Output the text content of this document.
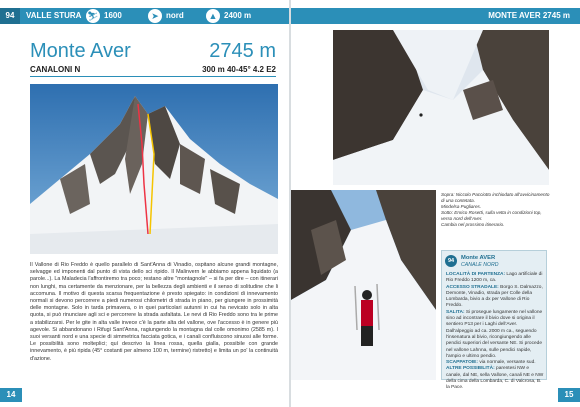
94	VALLE STURA ⛷ 1600	➤ nord	▲ 2400 m	MONTE AVER 2745 m
Monte Aver	2745 m
CANALONI N	300 m 40-45° 4.2 E2
Il Vallone di Rio Freddo è quello parallelo di Sant'Anna di Vinadio, ospitano alcune grandi montagne, selvagge ed imponenti dal punto di vista dello sci ripido. Il Malinvern le abbiamo appena liquidato (a parole...). La Maladecia l'affrontiremo tra poco; restano altre "montagnole" – si fa per dire – con itinerari non lunghi, ma certamente da menzionare, per la bellezza degli ambienti e il senso di solitudine che li accomuna. Il motivo di questa scarsa frequentazione è presto spiegato: in condizioni di innevamento normali si devono percorrere a piedi numerosi chilometri di strada in piano, per giungere in prossimità delle montagne. Solo in tarda primavera, o in quei particolari autunni in cui ha nevicato solo in alta quota, si può rinunciare agli sci e percorrere la strada asfaltata. Le nevi di Rio Freddo sono tra le prime a stabilizzarsi. Per le gite in alta valle invece c'è la parte alta del vallone, ove l'accesso è in genere più agevole. Si abbandonano i Rifugi Sant'Anna, ragiungendo la montagna dal colle omonimo (2585 m). I suoi versanti nord e una specie di simmetrica facciata gotica, e i canali confluiscono sinuosi alle forme. Le possibilità sono molteplici; quí descrivo la linea rossa, quella gialla, possibile con grande innevamento, è più ripida (45° costanti per almeno 100 m, termine) ristretto) e limita un po' la continuità d'azione.

Sopra: Niccolo Pacciotto inchiodato all'avvicinamento di una contetata.

Mindelsa Pugliares.

Sotto: Enrico Rosetti, sulla vetta in condizioni top, verso nord dell'Aver.

Cambia nel prossimo itinerario.

94	Monte AVER
CANALE NORD
LOCALITÀ DI PARTENZA: Lago artificiale di Rio Freddo 1200 m, ca.
ACCESSO STRADALE: Borgo S. Dalmazzo, Demonte, Vinadio, strada per Colle della Lombarda, bivio a dx per Vallone di Rio Freddo.
SALITA: Si prosegue lungamente nel vallone sino ad incontrare il bivio dove si origina il sentiero P13 per i Laghi dell'Aver. Dall'alpeggio ad ca. 2000 m ca., seguendo l'insenatura al bivio, ricongiungendo alle pendici superiori del versante NE. Si procede nel vallone Lahnna, sulle pendici rapide, l'ampio e ultimo pendio.
SCAPPATOIE: via normale, versante sud.
ALTRE POSSIBILITÀ: parentesi NW e canale, dal NE, sella Vallone, canali NE e NW della cima della Lombarda, C. di Valcrosa, B. la Pace.
14	15
